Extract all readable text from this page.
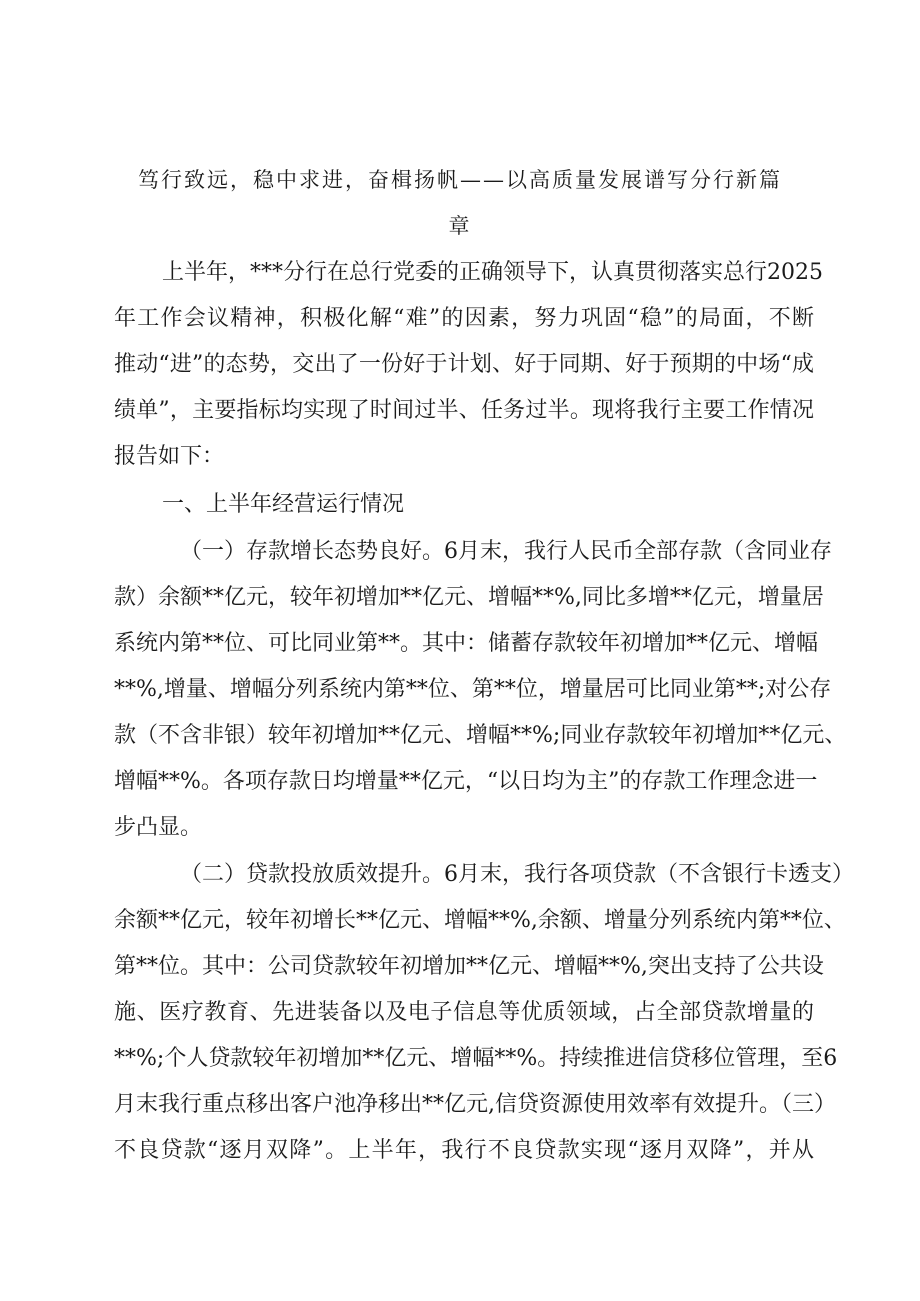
笃行致远，稳中求进，奋楫扬帆——以高质量发展谱写分行新篇
章

上半年，***分行在总行党委的正确领导下，认真贯彻落实总行2025

年工作会议精神，积极化解“难”的因素，努力巩固“稳”的局面，不断

推动“进”的态势，交出了一份好于计划、好于同期、好于预期的中场“成

绩单”，主要指标均实现了时间过半、任务过半。现将我行主要工作情况

报告如下：

一、上半年经营运行情况

（一）存款增长态势良好。6月末，我行人民币全部存款（含同业存

款）余额**亿元，较年初增加**亿元、增幅**%,同比多增**亿元，增量居

系统内第**位、可比同业第**。其中：储蓄存款较年初增加**亿元、增幅

**%,增量、增幅分列系统内第**位、第**位，增量居可比同业第**;对公存

款（不含非银）较年初增加**亿元、增幅**%;同业存款较年初增加**亿元、

增幅**%。各项存款日均增量**亿元，“以日均为主”的存款工作理念进一

步凸显。

（二）贷款投放质效提升。6月末，我行各项贷款（不含银行卡透支）

余额**亿元，较年初增长**亿元、增幅**%,余额、增量分列系统内第**位、

第**位。其中：公司贷款较年初增加**亿元、增幅**%,突出支持了公共设

施、医疗教育、先进装备以及电子信息等优质领域，占全部贷款增量的

**%;个人贷款较年初增加**亿元、增幅**%。持续推进信贷移位管理，至6

月末我行重点移出客户池净移出**亿元,信贷资源使用效率有效提升。（三）

不良贷款“逐月双降”。上半年，我行不良贷款实现“逐月双降”，并从
